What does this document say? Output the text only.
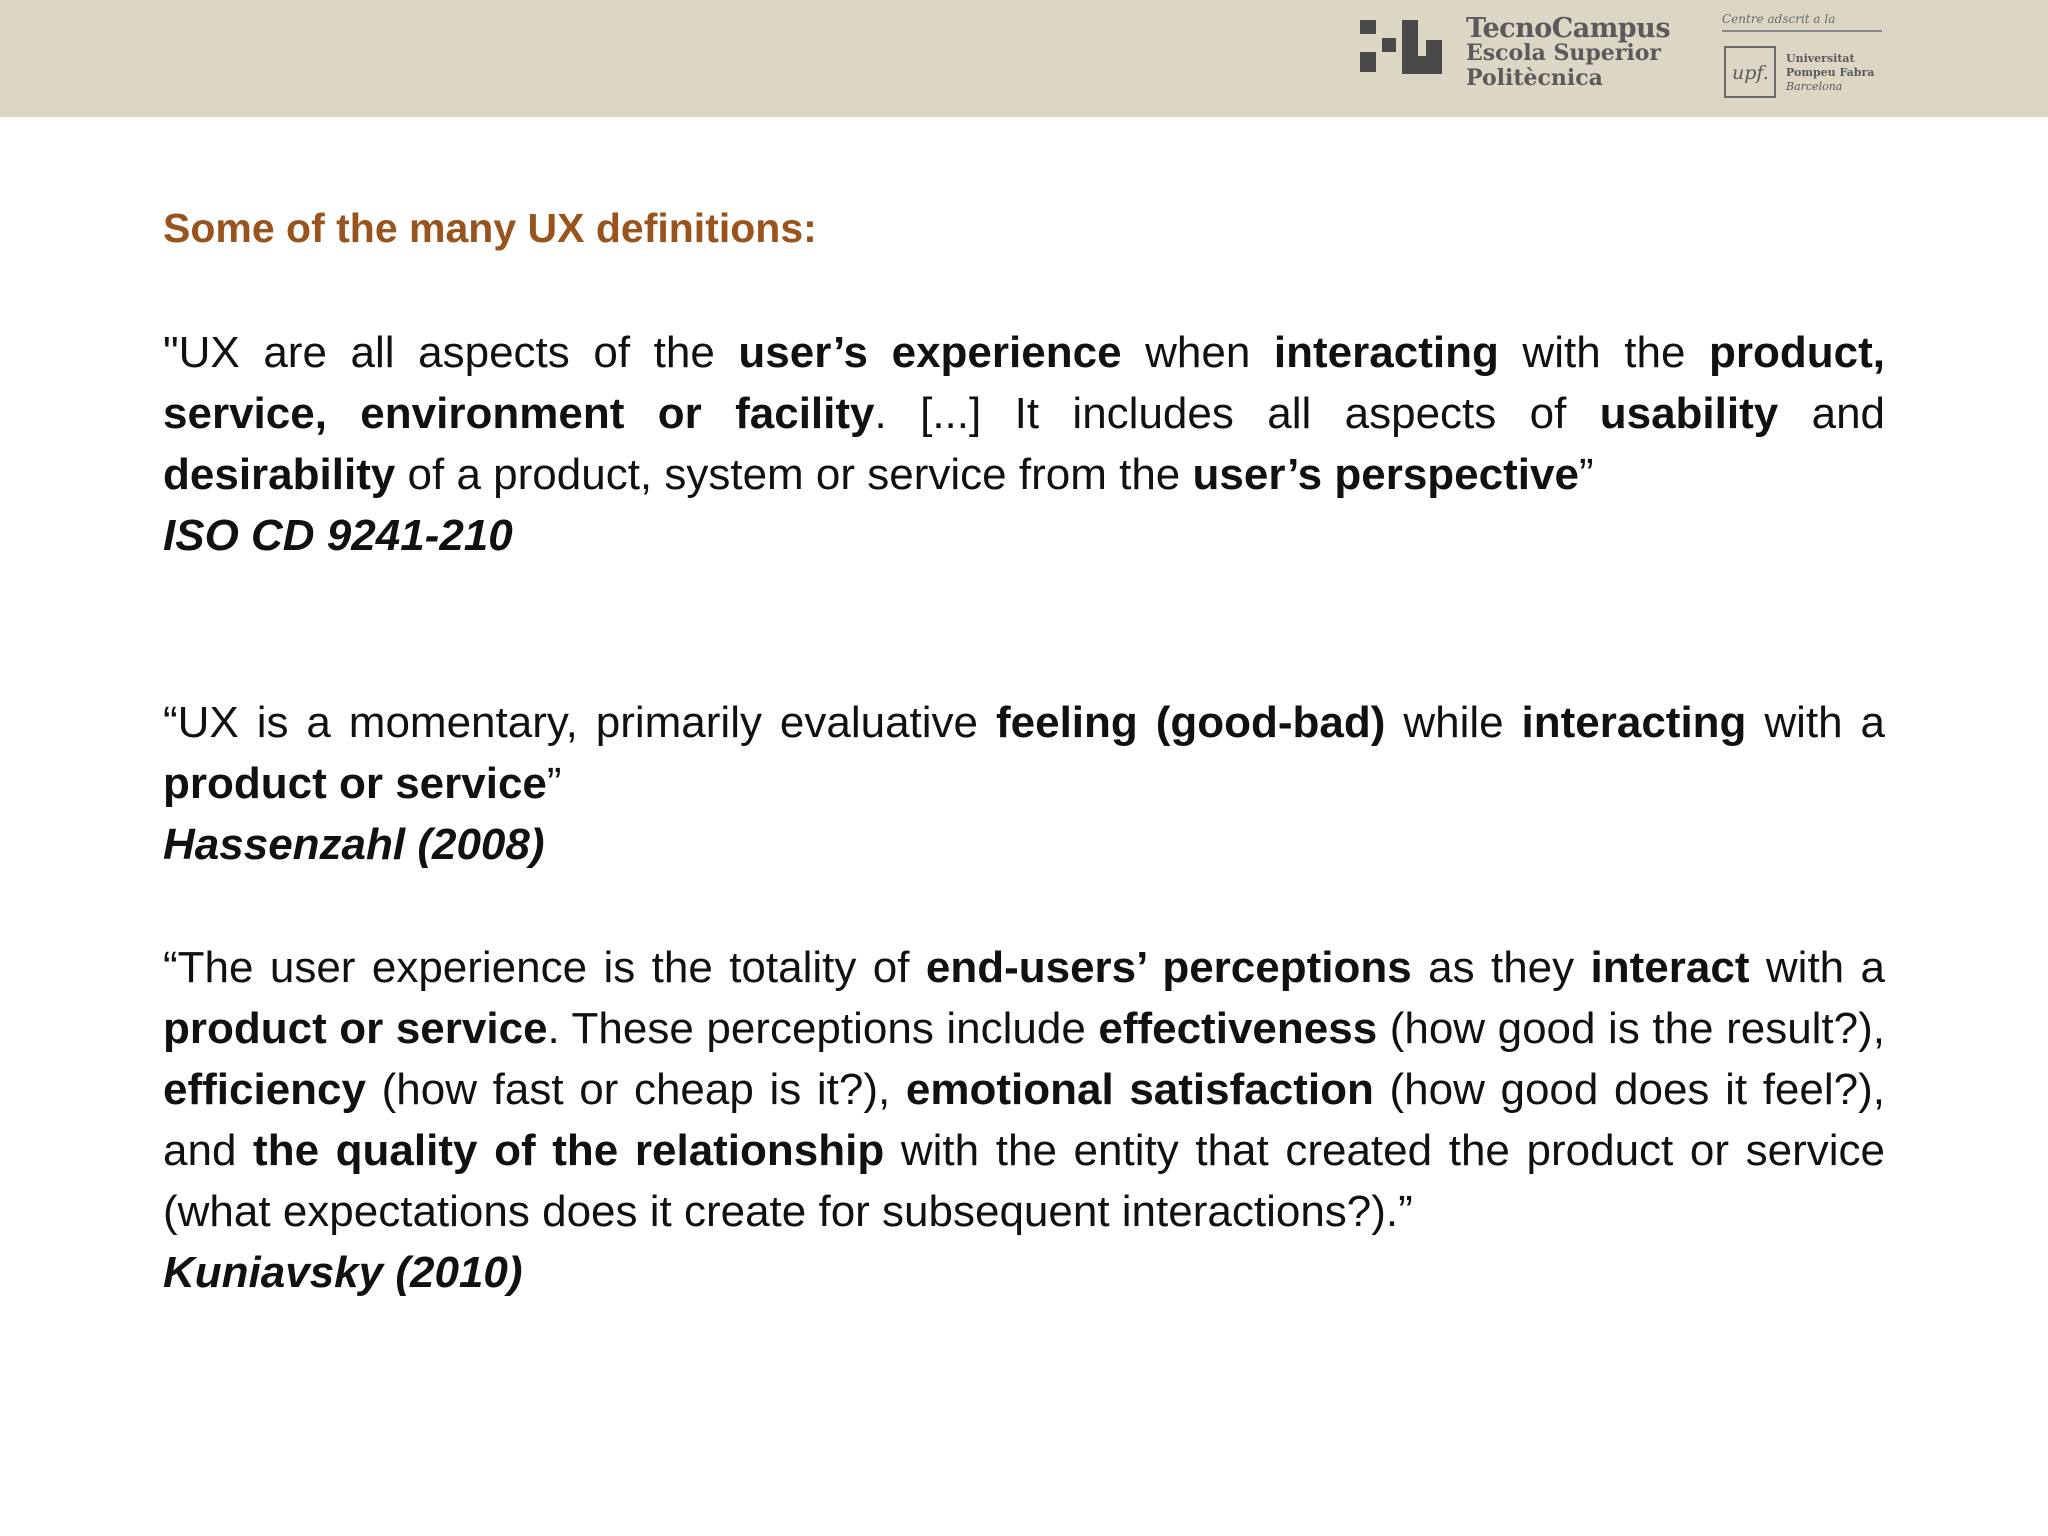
TecnoCampus
Escola Superior
Politècnica
Centre adscrit a la
upf.
Universitat
Pompeu Fabra
Barcelona
Some of the many UX definitions:

"UX are all aspects of the user’s experience when interacting with the product, service, environment or facility. [...] It includes all aspects of usability and desirability of a product, system or service from the user’s perspective”

ISO CD 9241-210

“UX is a momentary, primarily evaluative feeling (good-bad) while interacting with a product or service”

Hassenzahl (2008)

“The user experience is the totality of end-users’ perceptions as they interact with a product or service. These perceptions include effectiveness (how good is the result?), efficiency (how fast or cheap is it?), emotional satisfaction (how good does it feel?), and the quality of the relationship with the entity that created the product or service (what expectations does it create for subsequent interactions?).”

Kuniavsky (2010)
